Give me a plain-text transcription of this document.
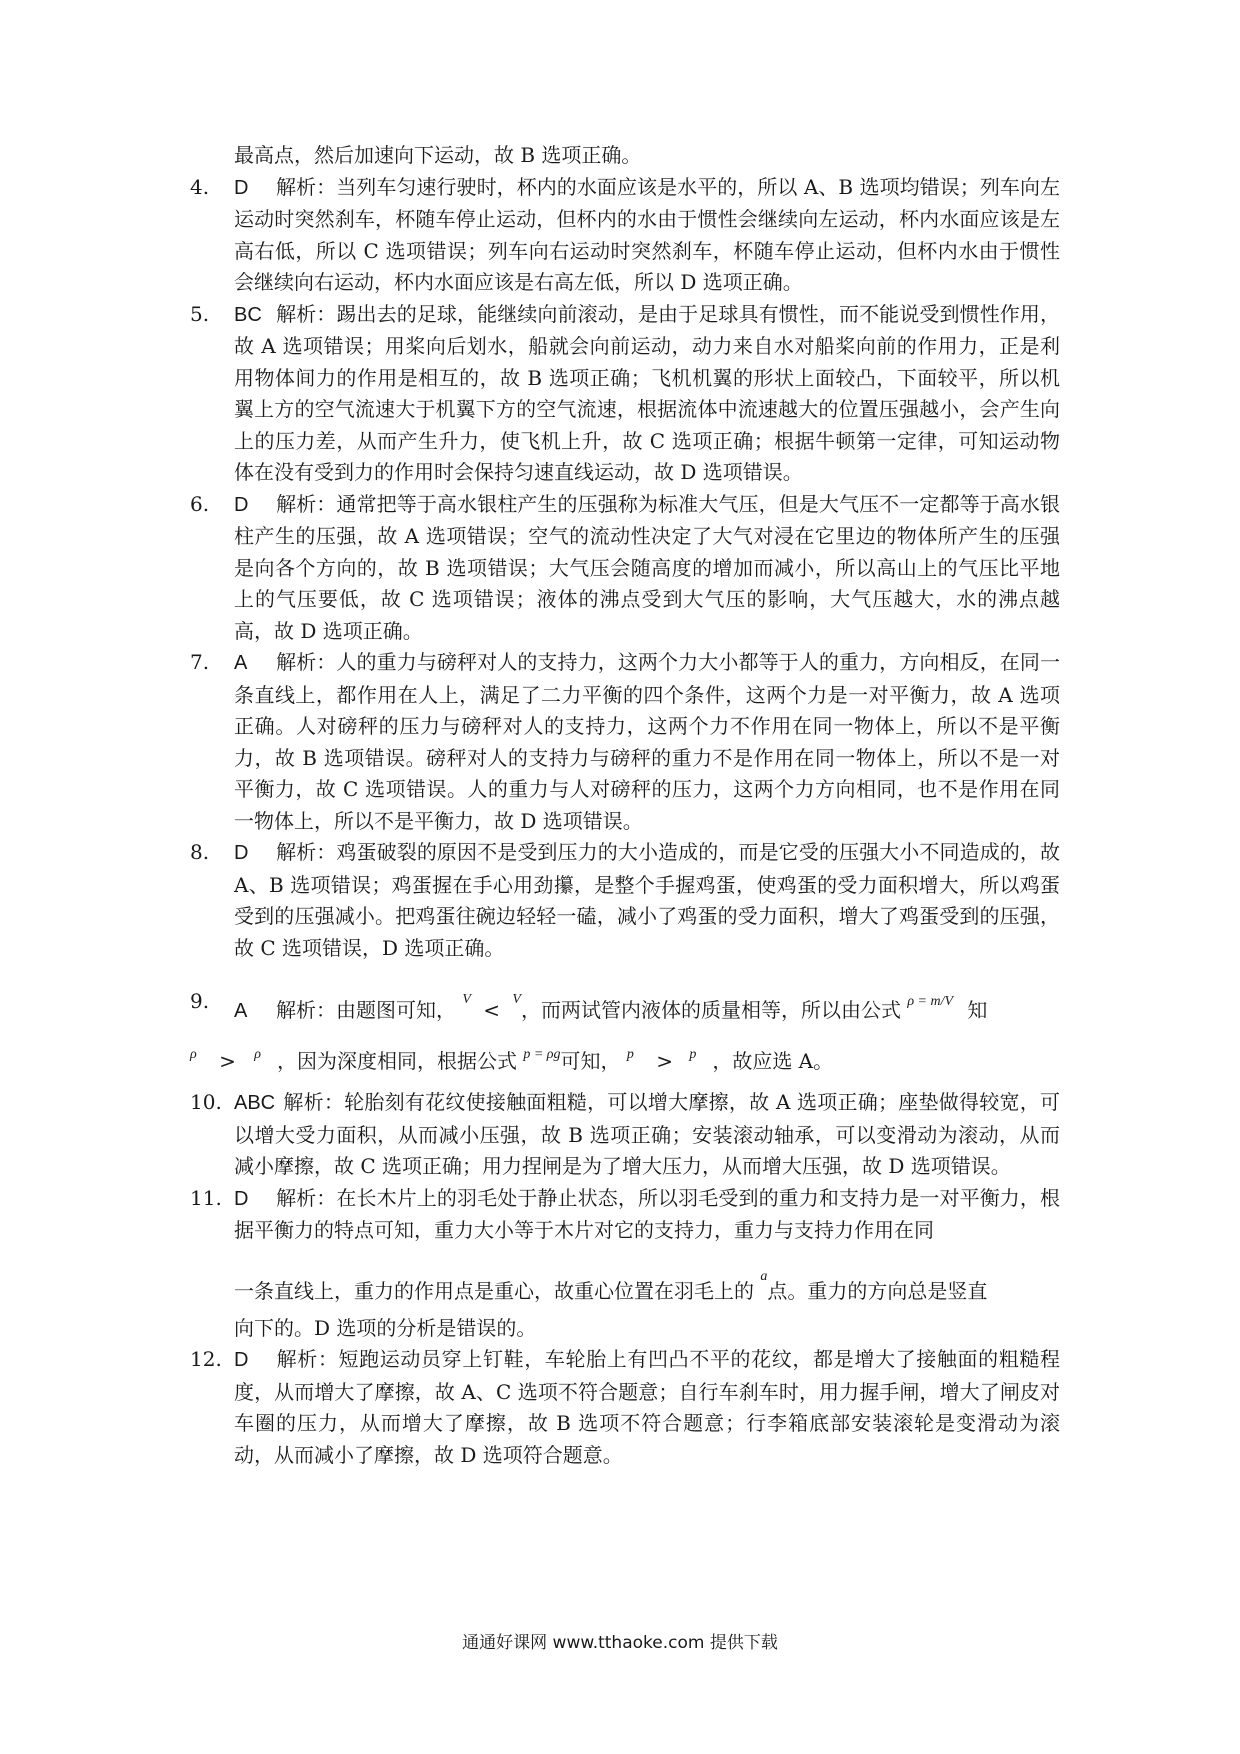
最高点，然后加速向下运动，故 B 选项正确。
4.	D 解析：当列车匀速行驶时，杯内的水面应该是水平的，所以 A、B 选项均错误；列车向左运动时突然刹车，杯随车停止运动，但杯内的水由于惯性会继续向左运动，杯内水面应该是左高右低，所以 C 选项错误；列车向右运动时突然刹车，杯随车停止运动，但杯内水由于惯性会继续向右运动，杯内水面应该是右高左低，所以 D 选项正确。
5.	BC 解析：踢出去的足球，能继续向前滚动，是由于足球具有惯性，而不能说受到惯性作用，故 A 选项错误；用桨向后划水，船就会向前运动，动力来自水对船桨向前的作用力，正是利用物体间力的作用是相互的，故 B 选项正确；飞机机翼的形状上面较凸，下面较平，所以机翼上方的空气流速大于机翼下方的空气流速，根据流体中流速越大的位置压强越小，会产生向上的压力差，从而产生升力，使飞机上升，故 C 选项正确；根据牛顿第一定律，可知运动物体在没有受到力的作用时会保持匀速直线运动，故 D 选项错误。
6.	D 解析：通常把等于高水银柱产生的压强称为标准大气压，但是大气压不一定都等于高水银柱产生的压强，故 A 选项错误；空气的流动性决定了大气对浸在它里边的物体所产生的压强是向各个方向的，故 B 选项错误；大气压会随高度的增加而减小，所以高山上的气压比平地上的气压要低，故 C 选项错误；液体的沸点受到大气压的影响，大气压越大，水的沸点越高，故 D 选项正确。
7.	A 解析：人的重力与磅秤对人的支持力，这两个力大小都等于人的重力，方向相反，在同一条直线上，都作用在人上，满足了二力平衡的四个条件，这两个力是一对平衡力，故 A 选项正确。人对磅秤的压力与磅秤对人的支持力，这两个力不作用在同一物体上，所以不是平衡力，故 B 选项错误。磅秤对人的支持力与磅秤的重力不是作用在同一物体上，所以不是一对平衡力，故 C 选项错误。人的重力与人对磅秤的压力，这两个力方向相同，也不是作用在同一物体上，所以不是平衡力，故 D 选项错误。
8.	D 解析：鸡蛋破裂的原因不是受到压力的大小造成的，而是它受的压强大小不同造成的，故 A、B 选项错误；鸡蛋握在手心用劲攥，是整个手握鸡蛋，使鸡蛋的受力面积增大，所以鸡蛋受到的压强减小。把鸡蛋往碗边轻轻一磕，减小了鸡蛋的受力面积，增大了鸡蛋受到的压强，故 C 选项错误，D 选项正确。
9.	A 解析：由题图可知， $^V$ < $^V$，而两试管内液体的质量相等，所以由公式 $^{\rho = m/V}$ 知
$^\rho$ > $^\rho$ ，因为深度相同，根据公式 $^{p = \rho g}$可知， $^p$ > $^p$ ，故应选 A。
10. ABC 解析：轮胎刻有花纹使接触面粗糙，可以增大摩擦，故 A 选项正确；座垫做得较宽，可以增大受力面积，从而减小压强，故 B 选项正确；安装滚动轴承，可以变滑动为滚动，从而减小摩擦，故 C 选项正确；用力捏闸是为了增大压力，从而增大压强，故 D 选项错误。
11. D 解析：在长木片上的羽毛处于静止状态，所以羽毛受到的重力和支持力是一对平衡力，根据平衡力的特点可知，重力大小等于木片对它的支持力，重力与支持力作用在同
一条直线上，重力的作用点是重心，故重心位置在羽毛上的 $^a$点。重力的方向总是竖直
向下的。D 选项的分析是错误的。
12. D 解析：短跑运动员穿上钉鞋，车轮胎上有凹凸不平的花纹，都是增大了接触面的粗糙程度，从而增大了摩擦，故 A、C 选项不符合题意；自行车刹车时，用力握手闸，增大了闸皮对车圈的压力，从而增大了摩擦，故 B 选项不符合题意；行李箱底部安装滚轮是变滑动为滚动，从而减小了摩擦，故 D 选项符合题意。
通通好课网 www.tthaoke.com 提供下载
